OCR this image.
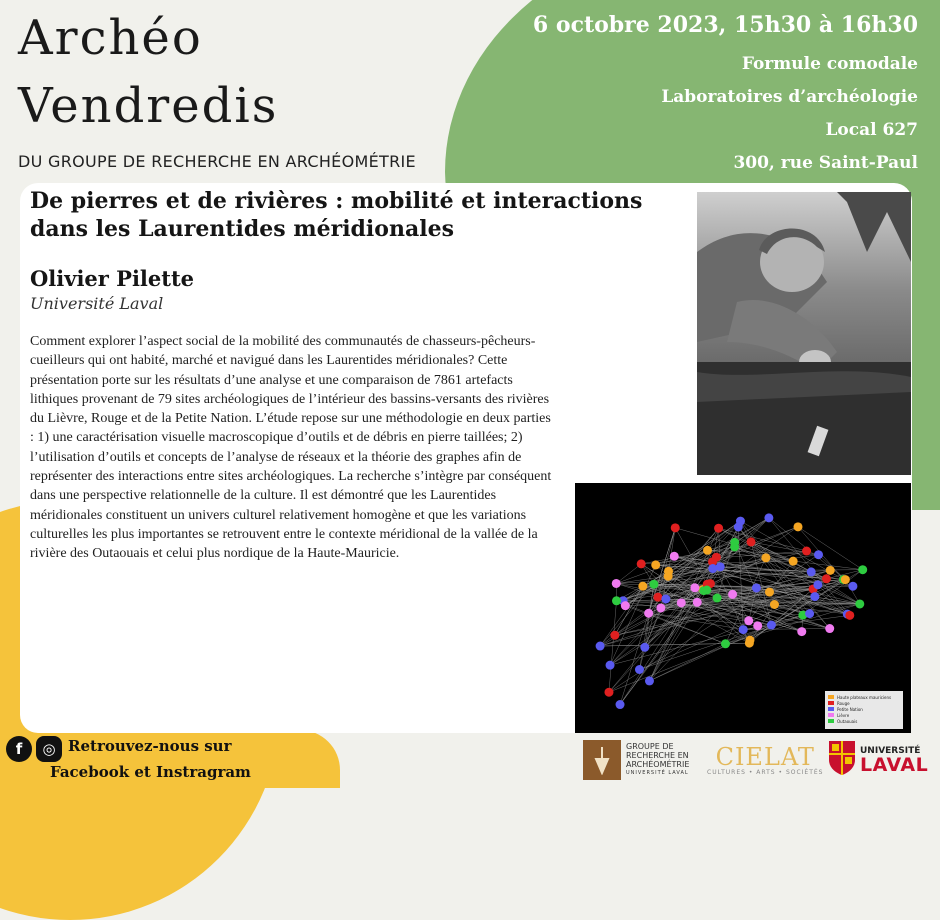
Archéo
Vendredis
DU GROUPE DE RECHERCHE EN ARCHÉOMÉTRIE
6 octobre 2023, 15h30 à 16h30
Formule comodale
Laboratoires d’archéologie
Local 627
300, rue Saint-Paul
De pierres et de rivières : mobilité et interactions dans les Laurentides méridionales
Olivier Pilette
Université Laval
Comment explorer l’aspect social de la mobilité des communautés de chasseurs-pêcheurs-cueilleurs qui ont habité, marché et navigué dans les Laurentides méridionales? Cette présentation porte sur les résultats d’une analyse et une comparaison de 7861 artefacts lithiques provenant de 79 sites archéologiques de l’intérieur des bassins-versants des rivières du Lièvre, Rouge et de la Petite Nation. L’étude repose sur une méthodologie en deux parties : 1) une caractérisation visuelle macroscopique d’outils et de débris en pierre taillées; 2) l’utilisation d’outils et concepts de l’analyse de réseaux et la théorie des graphes afin de représenter des interactions entre sites archéologiques. La recherche s’intègre par conséquent dans une perspective relationnelle de la culture. Il est démontré que les Laurentides méridionales constituent un univers culturel relativement homogène et que les variations culturelles les plus importantes se retrouvent entre le contexte méridional de la vallée de la rivière des Outaouais et celui plus nordique de la Haute-Mauricie.
Haute plateaux mauriciens
Rouge
Petite Nation
Lièvre
Outaouais
f	◎ Retrouvez-nous sur
Facebook et Instragram
GROUPE DE
RECHERCHE EN
ARCHÉOMÉTRIE
UNIVERSITÉ LAVAL
CIELAT
CULTURES • ARTS • SOCIÉTÉS
UNIVERSITÉ
LAVAL
